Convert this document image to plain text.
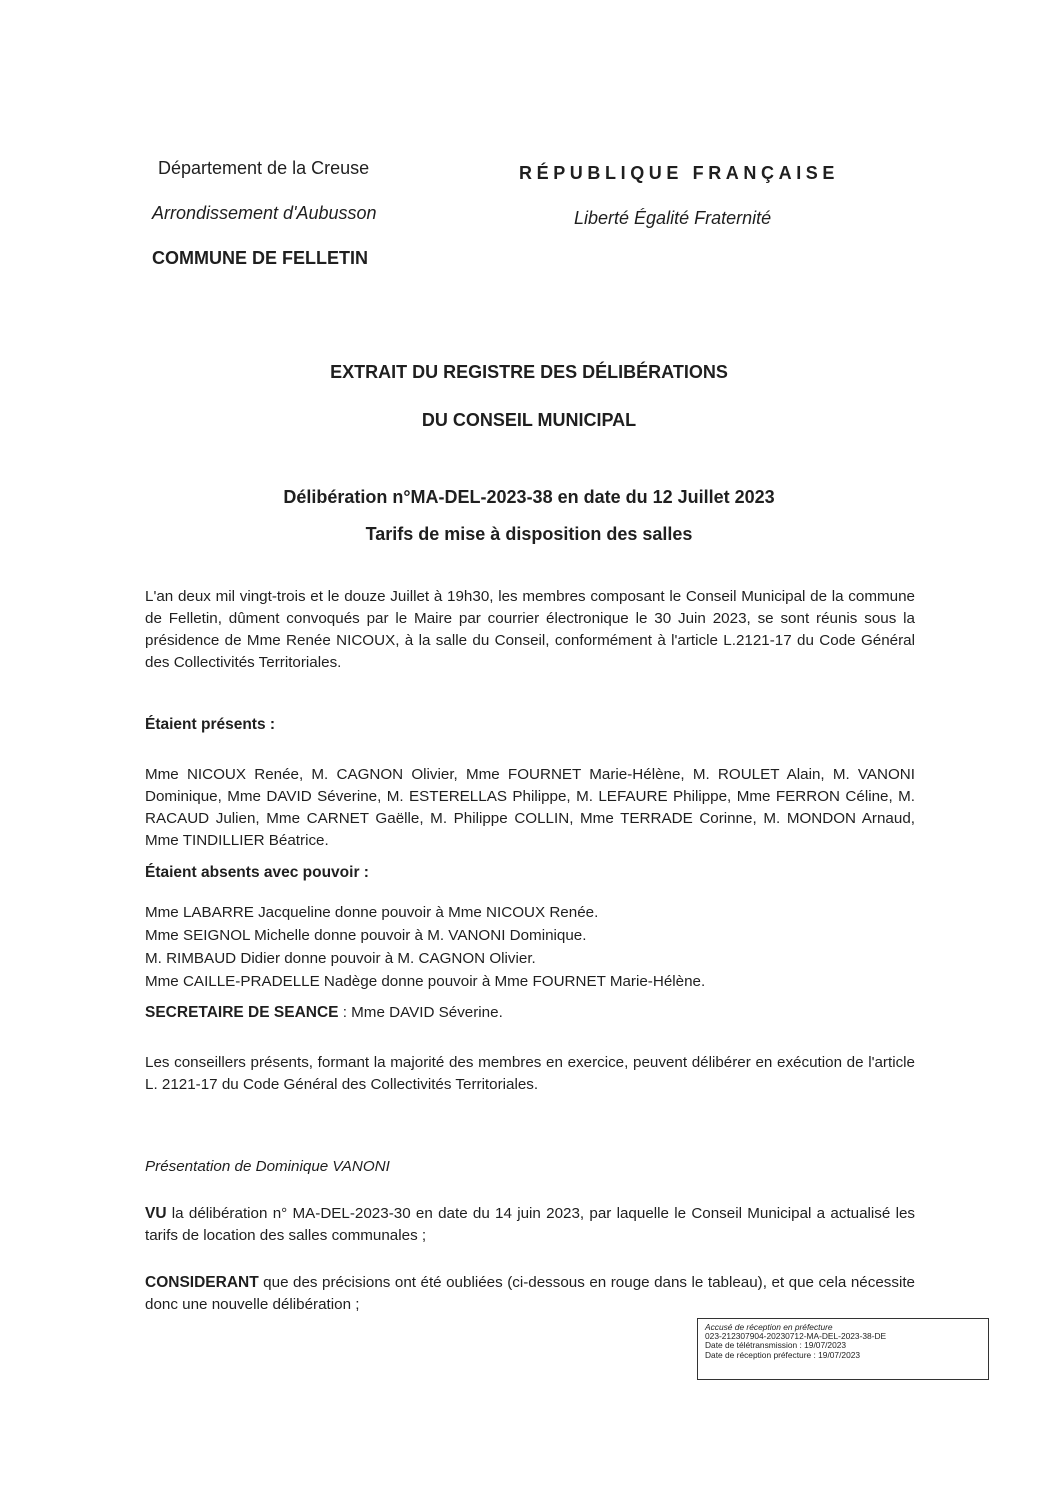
Département de la Creuse
Arrondissement d'Aubusson
COMMUNE DE FELLETIN
RÉPUBLIQUE FRANÇAISE
Liberté Égalité Fraternité
EXTRAIT DU REGISTRE DES DÉLIBÉRATIONS
DU CONSEIL MUNICIPAL
Délibération n°MA-DEL-2023-38 en date du 12 Juillet 2023
Tarifs de mise à disposition des salles

L'an deux mil vingt-trois et le douze Juillet à 19h30, les membres composant le Conseil Municipal de la commune de Felletin, dûment convoqués par le Maire par courrier électronique le 30 Juin 2023, se sont réunis sous la présidence de Mme Renée NICOUX, à la salle du Conseil, conformément à l'article L.2121-17 du Code Général des Collectivités Territoriales.

Étaient présents :

Mme NICOUX Renée, M. CAGNON Olivier, Mme FOURNET Marie-Hélène, M. ROULET Alain, M. VANONI Dominique, Mme DAVID Séverine, M. ESTERELLAS Philippe, M. LEFAURE Philippe, Mme FERRON Céline, M. RACAUD Julien, Mme CARNET Gaëlle, M. Philippe COLLIN, Mme TERRADE Corinne, M. MONDON Arnaud, Mme TINDILLIER Béatrice.

Étaient absents avec pouvoir :
Mme LABARRE Jacqueline donne pouvoir à Mme NICOUX Renée.
Mme SEIGNOL Michelle donne pouvoir à M. VANONI Dominique.
M. RIMBAUD Didier donne pouvoir à M. CAGNON Olivier.
Mme CAILLE-PRADELLE Nadège donne pouvoir à Mme FOURNET Marie-Hélène.
SECRETAIRE DE SEANCE : Mme DAVID Séverine.

Les conseillers présents, formant la majorité des membres en exercice, peuvent délibérer en exécution de l'article L. 2121-17 du Code Général des Collectivités Territoriales.

Présentation de Dominique VANONI

VU la délibération n° MA-DEL-2023-30 en date du 14 juin 2023, par laquelle le Conseil Municipal a actualisé les tarifs de location des salles communales ;

CONSIDERANT que des précisions ont été oubliées (ci-dessous en rouge dans le tableau), et que cela nécessite donc une nouvelle délibération ;

Accusé de réception en préfecture
023-212307904-20230712-MA-DEL-2023-38-DE
Date de télétransmission : 19/07/2023
Date de réception préfecture : 19/07/2023
